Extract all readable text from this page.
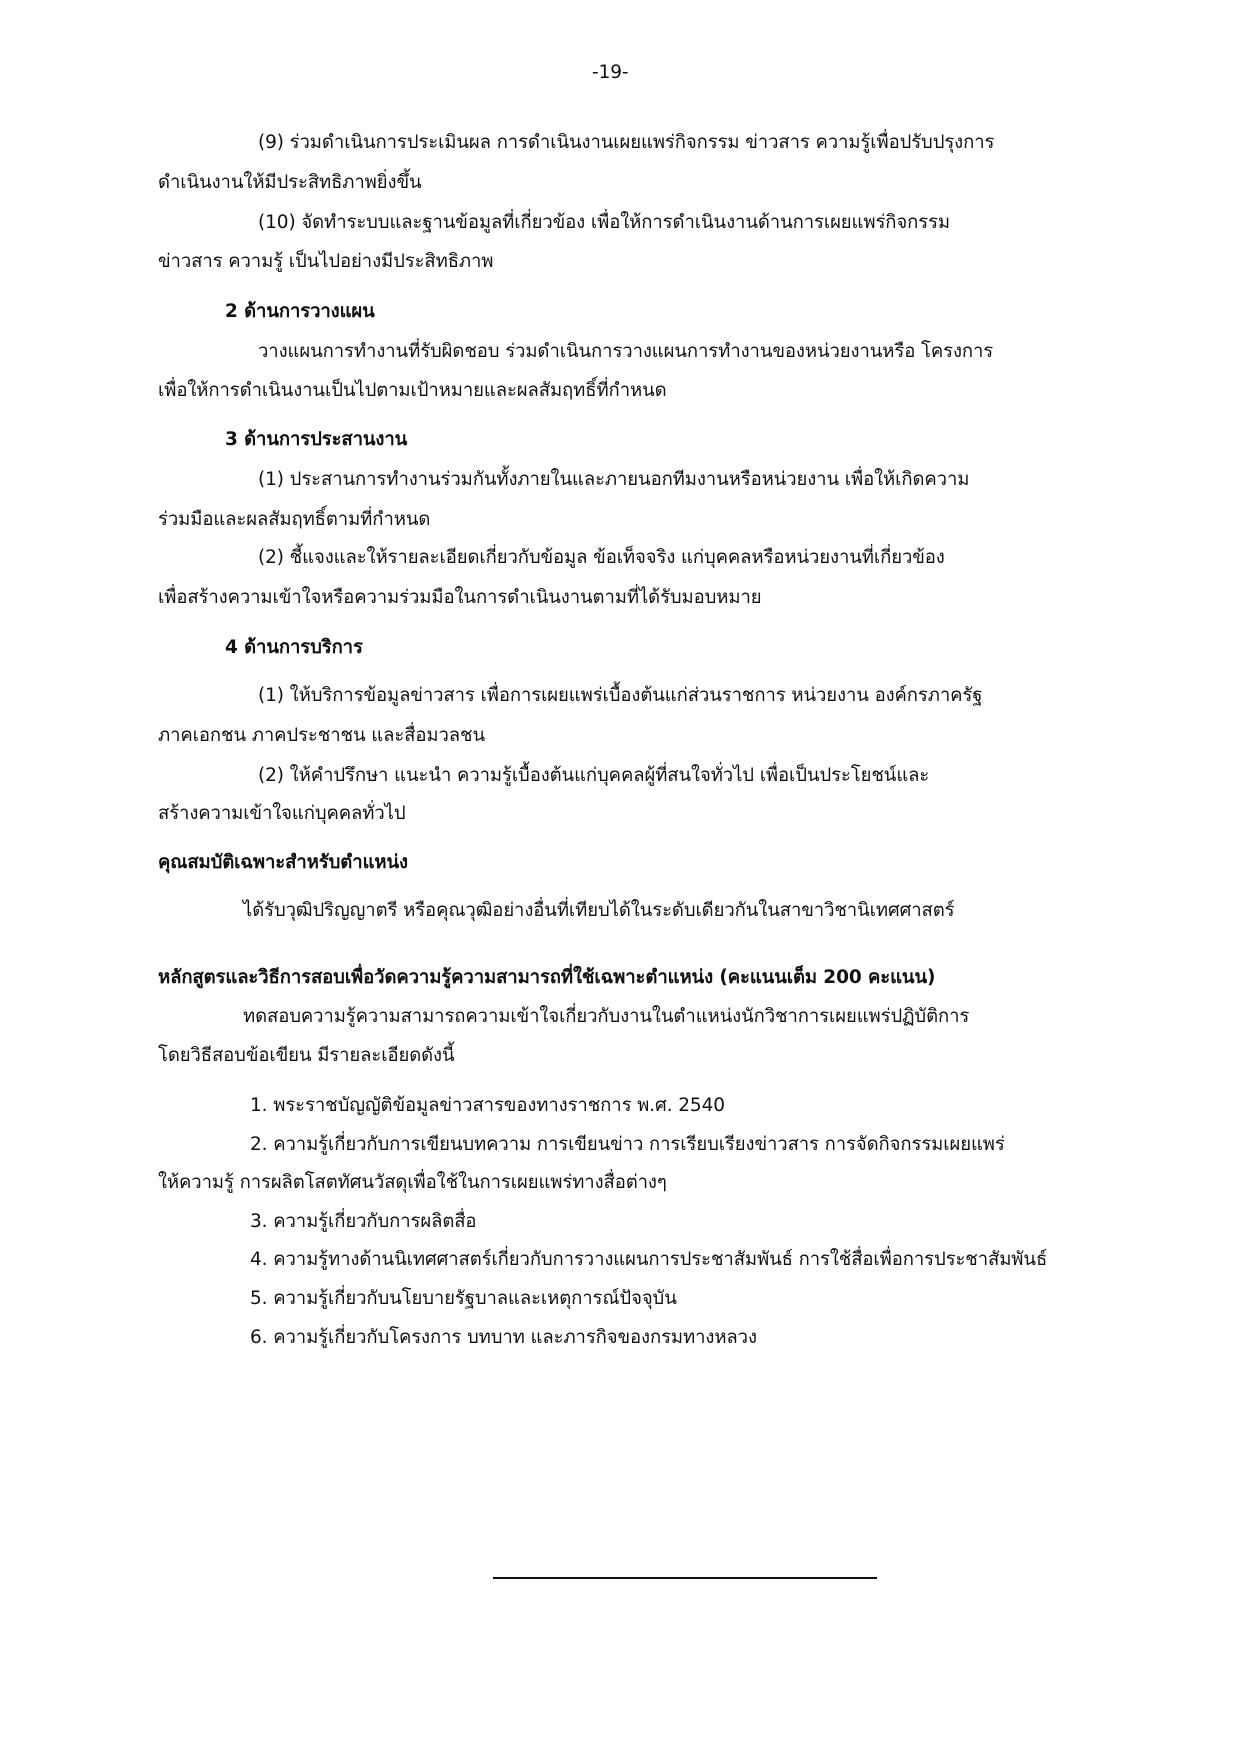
-19-
(9) ร่วมดำเนินการประเมินผล การดำเนินงานเผยแพร่กิจกรรม ข่าวสาร ความรู้เพื่อปรับปรุงการ
ดำเนินงานให้มีประสิทธิภาพยิ่งขึ้น
(10) จัดทำระบบและฐานข้อมูลที่เกี่ยวข้อง เพื่อให้การดำเนินงานด้านการเผยแพร่กิจกรรม
ข่าวสาร ความรู้ เป็นไปอย่างมีประสิทธิภาพ
2 ด้านการวางแผน
วางแผนการทำงานที่รับผิดชอบ ร่วมดำเนินการวางแผนการทำงานของหน่วยงานหรือ โครงการ
เพื่อให้การดำเนินงานเป็นไปตามเป้าหมายและผลสัมฤทธิ์ที่กำหนด
3 ด้านการประสานงาน
(1) ประสานการทำงานร่วมกันทั้งภายในและภายนอกทีมงานหรือหน่วยงาน เพื่อให้เกิดความ
ร่วมมือและผลสัมฤทธิ์ตามที่กำหนด
(2) ชี้แจงและให้รายละเอียดเกี่ยวกับข้อมูล ข้อเท็จจริง แก่บุคคลหรือหน่วยงานที่เกี่ยวข้อง
เพื่อสร้างความเข้าใจหรือความร่วมมือในการดำเนินงานตามที่ได้รับมอบหมาย
4 ด้านการบริการ
(1) ให้บริการข้อมูลข่าวสาร เพื่อการเผยแพร่เบื้องต้นแก่ส่วนราชการ หน่วยงาน องค์กรภาครัฐ
ภาคเอกชน ภาคประชาชน และสื่อมวลชน
(2) ให้คำปรึกษา แนะนำ ความรู้เบื้องต้นแก่บุคคลผู้ที่สนใจทั่วไป เพื่อเป็นประโยชน์และ
สร้างความเข้าใจแก่บุคคลทั่วไป
คุณสมบัติเฉพาะสำหรับตำแหน่ง
ได้รับวุฒิปริญญาตรี หรือคุณวุฒิอย่างอื่นที่เทียบได้ในระดับเดียวกันในสาขาวิชานิเทศศาสตร์
หลักสูตรและวิธีการสอบเพื่อวัดความรู้ความสามารถที่ใช้เฉพาะตำแหน่ง (คะแนนเต็ม 200 คะแนน)
ทดสอบความรู้ความสามารถความเข้าใจเกี่ยวกับงานในตำแหน่งนักวิชาการเผยแพร่ปฏิบัติการ
โดยวิธีสอบข้อเขียน มีรายละเอียดดังนี้
1. พระราชบัญญัติข้อมูลข่าวสารของทางราชการ พ.ศ. 2540
2. ความรู้เกี่ยวกับการเขียนบทความ การเขียนข่าว การเรียบเรียงข่าวสาร การจัดกิจกรรมเผยแพร่
ให้ความรู้ การผลิตโสตทัศนวัสดุเพื่อใช้ในการเผยแพร่ทางสื่อต่างๆ
3. ความรู้เกี่ยวกับการผลิตสื่อ
4. ความรู้ทางด้านนิเทศศาสตร์เกี่ยวกับการวางแผนการประชาสัมพันธ์ การใช้สื่อเพื่อการประชาสัมพันธ์
5. ความรู้เกี่ยวกับนโยบายรัฐบาลและเหตุการณ์ปัจจุบัน
6. ความรู้เกี่ยวกับโครงการ บทบาท และภารกิจของกรมทางหลวง
